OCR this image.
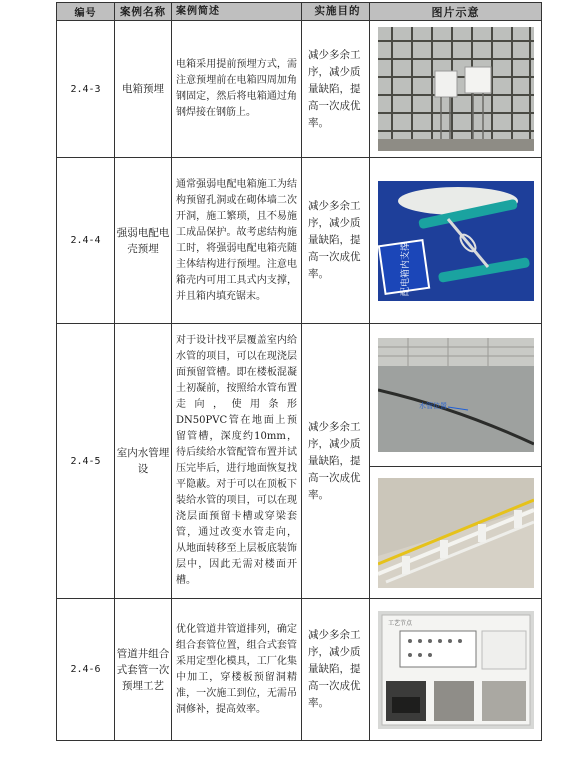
编号	案例名称	案例简述	实施目的	图片示意
2.4-3	电箱预埋	电箱采用提前预埋方式，需注意预埋前在电箱四周加角钢固定，然后将电箱通过角钢焊接在钢筋上。	减少多余工序，减少质量缺陷，提高一次成优率。	

2.4-4	强弱电配电壳预埋	通常强弱电配电箱施工为结构预留孔洞或在砌体墙二次开洞，施工繁琐，且不易施工成品保护。故考虑结构施工时，将强弱电配电箱壳随主体结构进行预埋。注意电箱壳内可用工具式内支撑，并且箱内填充锯末。	减少多余工序，减少质量缺陷，提高一次成优率。	配电箱内支撑

2.4-5	室内水管埋设	对于设计找平层覆盖室内给水管的项目，可以在现浇层面预留管槽。即在楼板混凝土初凝前，按照给水管布置走向，使用条形DN50PVC管在地面上预留管槽，深度约10mm，待后续给水管配管布置并试压完毕后，进行地面恢复找平隐蔽。对于可以在顶板下装给水管的项目，可以在现浇层面预留卡槽或穿梁套管，通过改变水管走向， 从地面转移至上层板底装饰层中，因此无需对楼面开槽。	减少多余工序，减少质量缺陷，提高一次成优率。	水管位置

2.4-6	管道井组合式套管一次预埋工艺	优化管道井管道排列，确定组合套管位置，组合式套管采用定型化模具，工厂化集中加工，穿楼板预留洞精准，一次施工到位，无需吊洞修补，提高效率。	减少多余工序，减少质量缺陷，提高一次成优率。	工艺节点
